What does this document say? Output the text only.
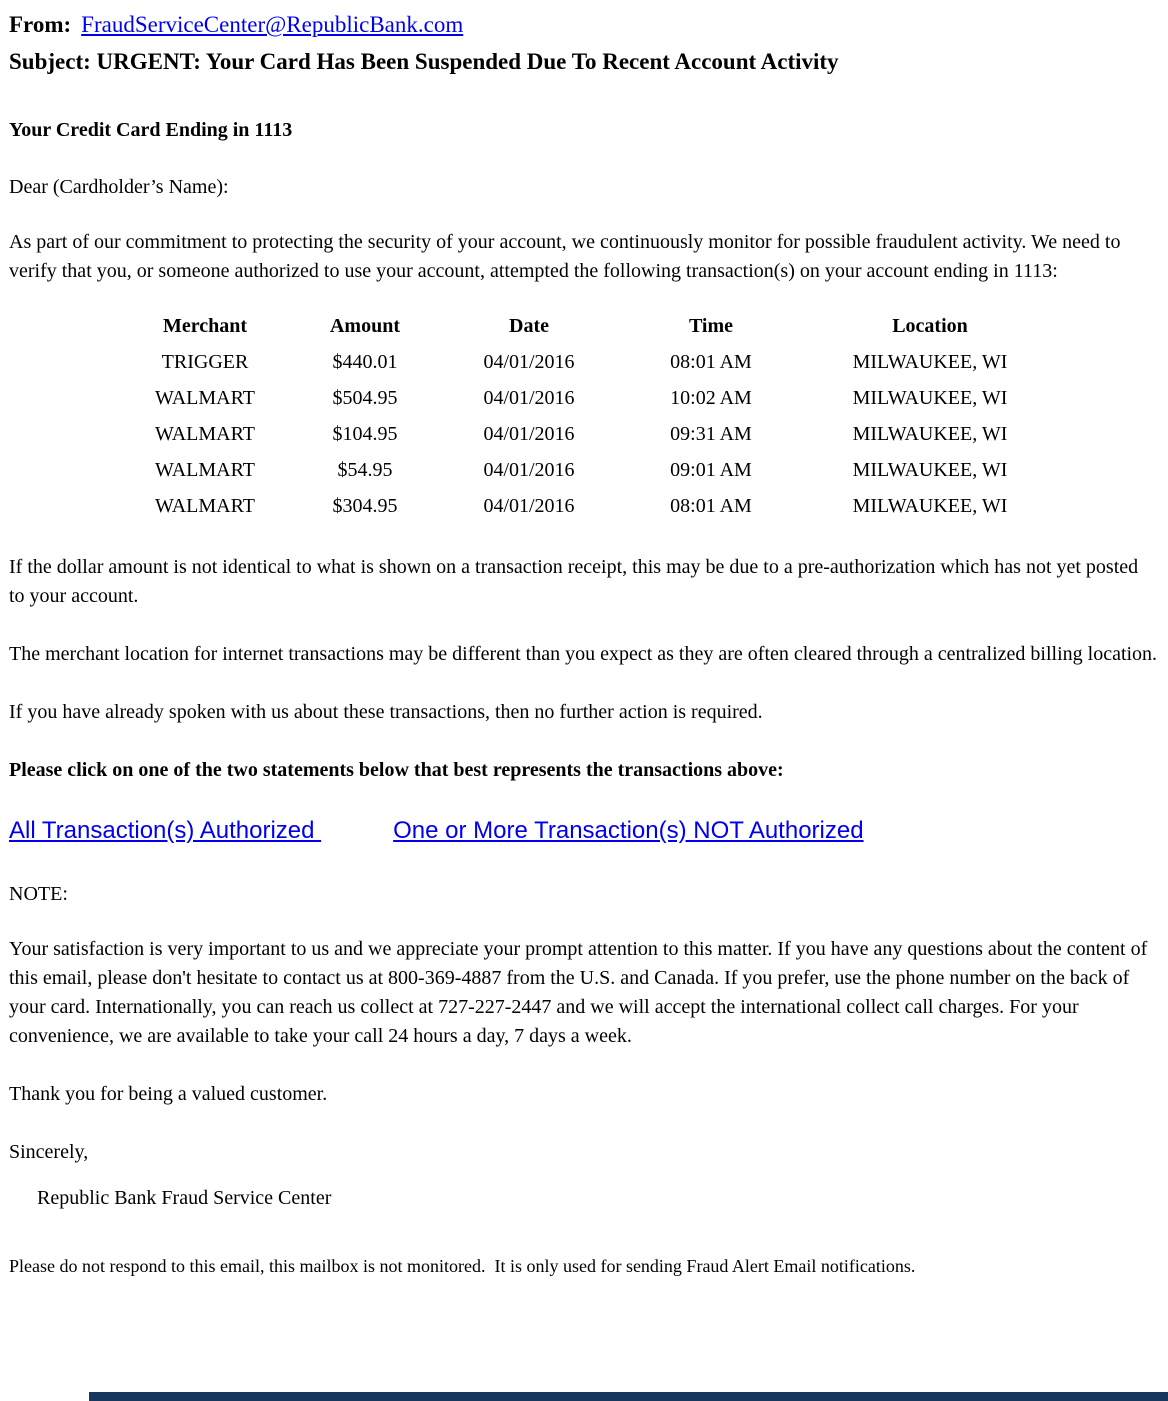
From: FraudServiceCenter@RepublicBank.com
Subject: URGENT: Your Card Has Been Suspended Due To Recent Account Activity
Your Credit Card Ending in 1113
Dear (Cardholder’s Name):

As part of our commitment to protecting the security of your account, we continuously monitor for possible fraudulent activity. We need to verify that you, or someone authorized to use your account, attempted the following transaction(s) on your account ending in 1113:

Merchant	Amount	Date	Time	Location
TRIGGER	$440.01	04/01/2016	08:01 AM	MILWAUKEE, WI
WALMART	$504.95	04/01/2016	10:02 AM	MILWAUKEE, WI
WALMART	$104.95	04/01/2016	09:31 AM	MILWAUKEE, WI
WALMART	$54.95	04/01/2016	09:01 AM	MILWAUKEE, WI
WALMART	$304.95	04/01/2016	08:01 AM	MILWAUKEE, WI

If the dollar amount is not identical to what is shown on a transaction receipt, this may be due to a pre-authorization which has not yet posted to your account.

The merchant location for internet transactions may be different than you expect as they are often cleared through a centralized billing location.

If you have already spoken with us about these transactions, then no further action is required.

Please click on one of the two statements below that best represents the transactions above:

All Transaction(s) Authorized	One or More Transaction(s) NOT Authorized
NOTE:

Your satisfaction is very important to us and we appreciate your prompt attention to this matter. If you have any questions about the content of this email, please don't hesitate to contact us at 800-369-4887 from the U.S. and Canada. If you prefer, use the phone number on the back of your card. Internationally, you can reach us collect at 727-227-2447 and we will accept the international collect call charges. For your convenience, we are available to take your call 24 hours a day, 7 days a week.

Thank you for being a valued customer.

Sincerely,

Republic Bank Fraud Service Center
Please do not respond to this email, this mailbox is not monitored.  It is only used for sending Fraud Alert Email notifications.
